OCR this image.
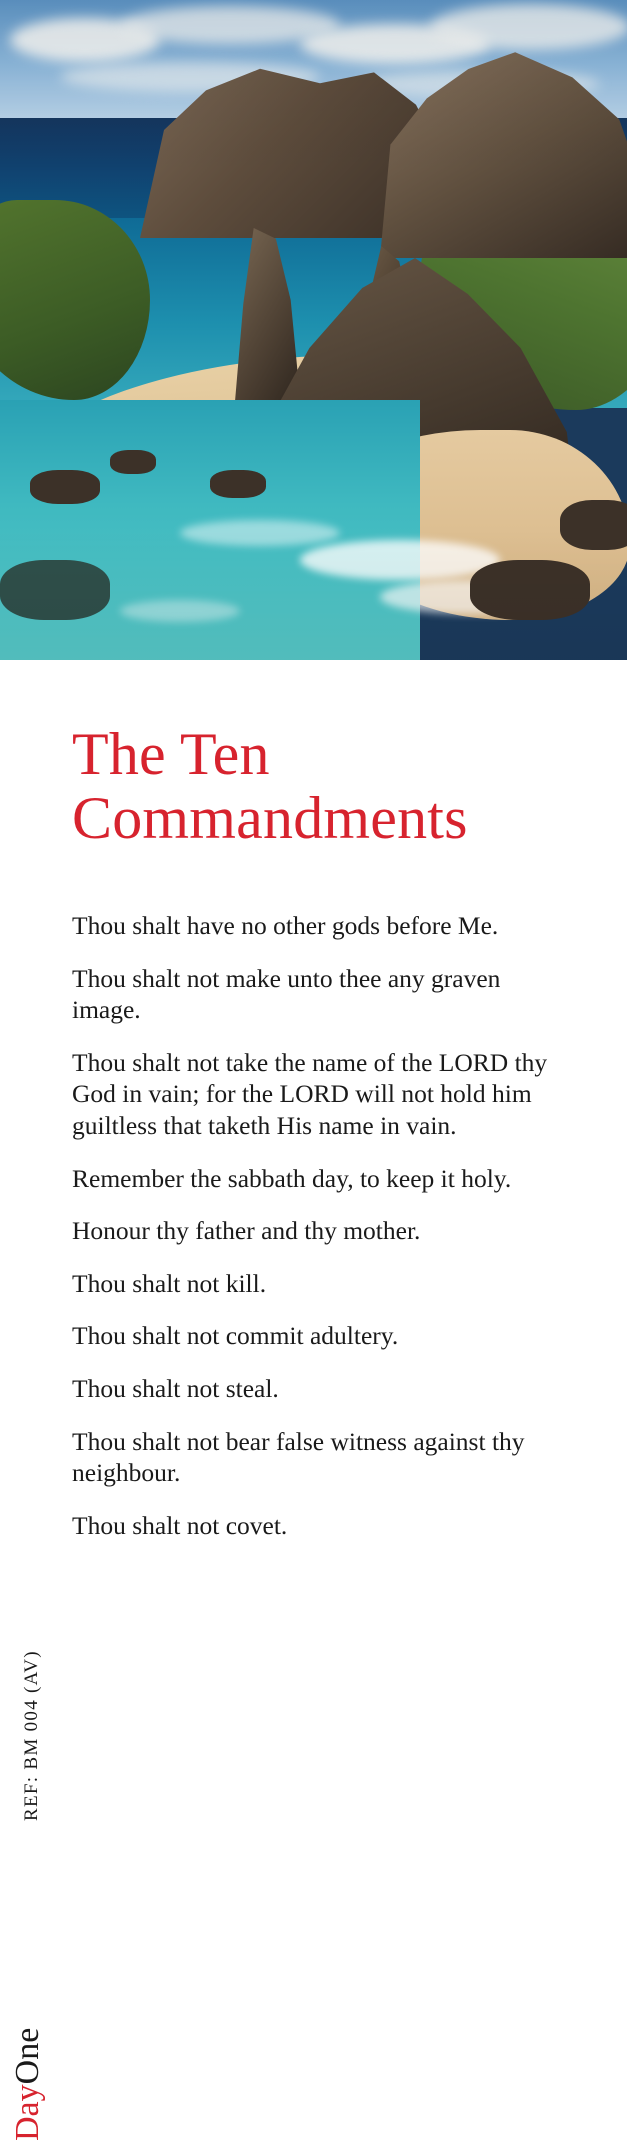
The Ten
Commandments
Thou shalt have no other gods before Me.
Thou shalt not make unto thee any graven image.
Thou shalt not take the name of the LORD thy God in vain; for the LORD will not hold him guiltless that taketh His name in vain.
Remember the sabbath day, to keep it holy.
Honour thy father and thy mother.
Thou shalt not kill.
Thou shalt not commit adultery.
Thou shalt not steal.
Thou shalt not bear false witness against thy neighbour.
Thou shalt not covet.
REF: BM 004 (AV)
DayOne
